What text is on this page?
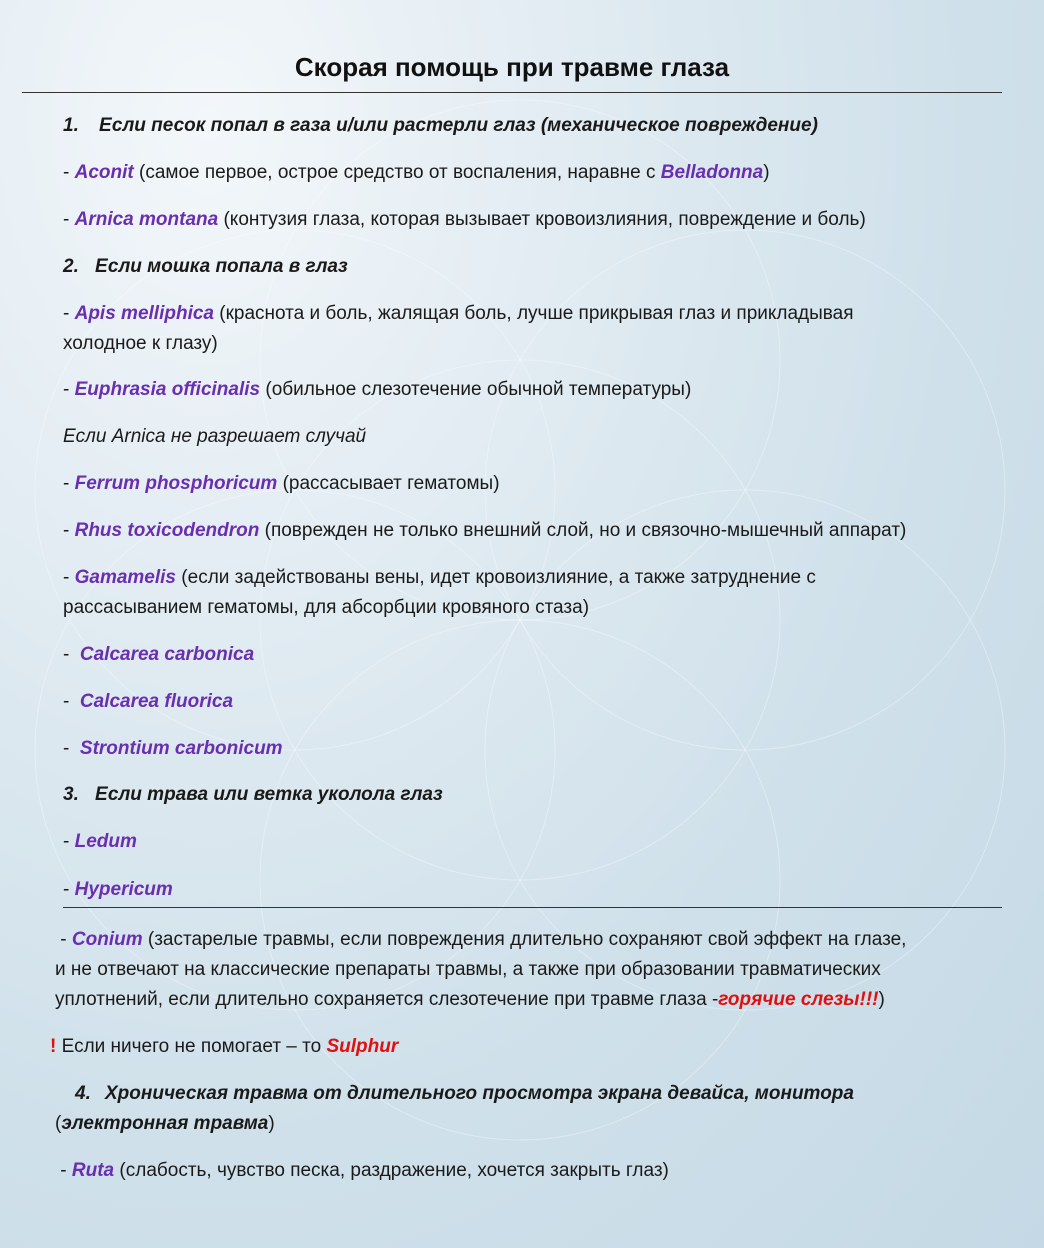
Скорая помощь при травме глаза
1. Если песок попал в газа и/или растерли глаз (механическое повреждение)
- Aconit (самое первое, острое средство от воспаления, наравне с Belladonna)
- Arnica montana (контузия глаза, которая вызывает кровоизлияния, повреждение и боль)
2. Если мошка попала в глаз
- Apis melliphica (краснота и боль, жалящая боль, лучше прикрывая глаз и прикладывая
холодное к глазу)
- Euphrasia officinalis (обильное слезотечение обычной температуры)
Если Arnica не разрешает случай
- Ferrum phosphoricum (рассасывает гематомы)
- Rhus toxicodendron (поврежден не только внешний слой, но и связочно-мышечный аппарат)
- Gamamelis (если задействованы вены, идет кровоизлияние, а также затруднение с
рассасыванием гематомы, для абсорбции кровяного стаза)
-  Calcarea carbonica
-  Calcarea fluorica
-  Strontium carbonicum
3. Если трава или ветка уколола глаз
- Ledum
- Hypericum
- Conium (застарелые травмы, если повреждения длительно сохраняют свой эффект на глазе,
и не отвечают на классические препараты травмы, а также при образовании травматических
уплотнений, если длительно сохраняется слезотечение при травме глаза -горячие слезы!!!)
! Если ничего не помогает – то Sulphur
4. Хроническая травма от длительного просмотра экрана девайса, монитора
(электронная травма)
- Ruta (слабость, чувство песка, раздражение, хочется закрыть глаз)
